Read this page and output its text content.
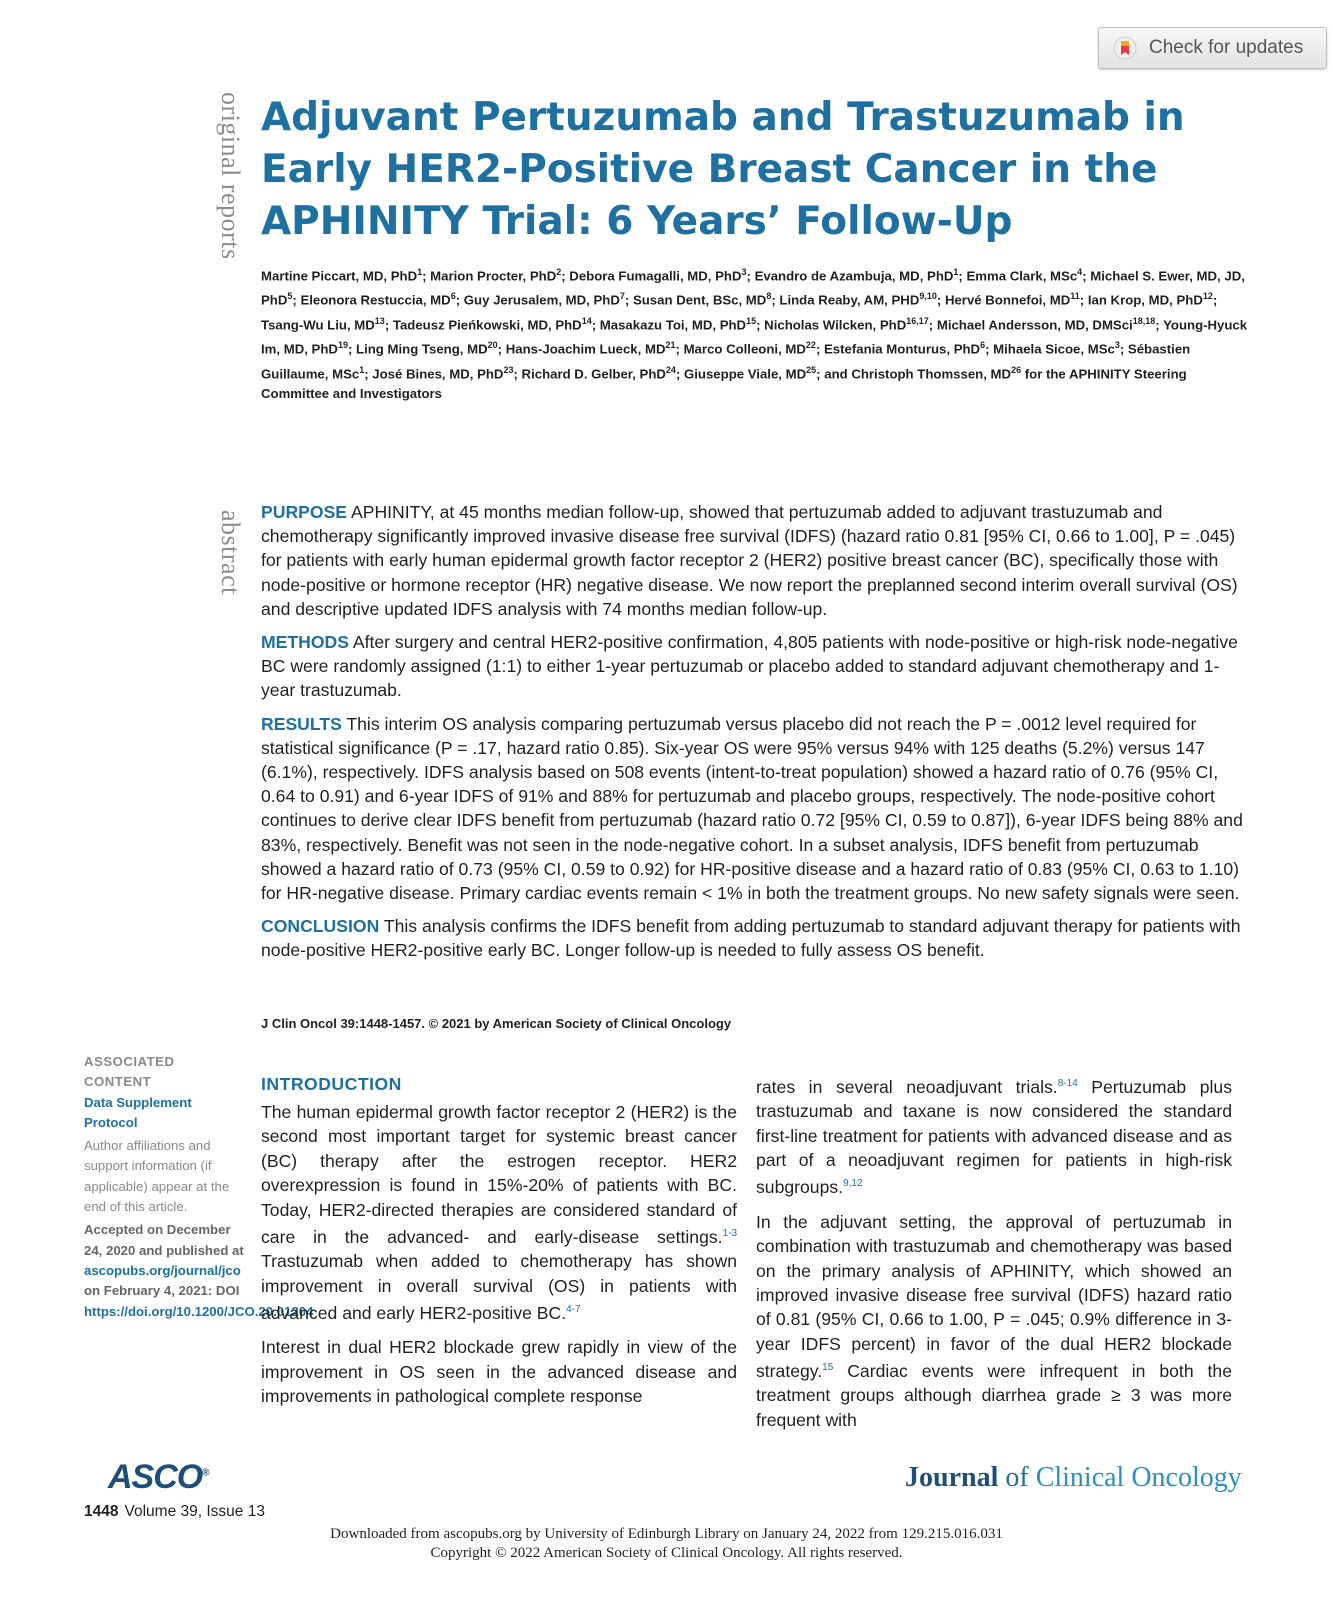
Check for updates
original reports Adjuvant Pertuzumab and Trastuzumab in Early HER2-Positive Breast Cancer in the APHINITY Trial: 6 Years’ Follow-Up
Martine Piccart, MD, PhD$^1$; Marion Procter, PhD$^2$; Debora Fumagalli, MD, PhD$^3$; Evandro de Azambuja, MD, PhD$^1$; Emma Clark, MSc$^4$; Michael S. Ewer, MD, JD, PhD$^5$; Eleonora Restuccia, $MD^6$; Guy Jerusalem, MD, PhD$^7$; Susan Dent, BSc, $MD^8$; Linda Reaby, AM, PHD$^{9,10}$; Hervé Bonnefoi, MD$^{11}$; Ian Krop, MD, PhD$^{12}$; Tsang-Wu Liu, MD$^{13}$; Tadeusz Pieńkowski, MD, PhD$^{14}$; Masakazu Toi, MD, PhD$^{15}$; Nicholas Wilcken, PhD$^{16,17}$; Michael Andersson, MD, DMSci$^{18,18}$; Young-Hyuck Im, MD, PhD$^{19}$; Ling Ming Tseng, MD$^{20}$; Hans-Joachim Lueck, MD$^{21}$; Marco Colleoni, MD$^{22}$; Estefania Monturus, PhD$^6$; Mihaela Sicoe, MSc$^3$; Sébastien Guillaume, MSc$^1$; José Bines, MD, PhD$^{23}$; Richard D. Gelber, PhD$^{24}$; Giuseppe Viale, MD$^{25}$; and Christoph Thomssen, MD$^{26}$ for the APHINITY Steering Committee and Investigators
abstract PURPOSE APHINITY, at 45 months median follow-up, showed that pertuzumab added to adjuvant trastuzumab and chemotherapy significantly improved invasive disease free survival (IDFS) (hazard ratio 0.81 [95% CI, 0.66 to 1.00], P = .045) for patients with early human epidermal growth factor receptor 2 (HER2) positive breast cancer (BC), specifically those with node-positive or hormone receptor (HR) negative disease. We now report the preplanned second interim overall survival (OS) and descriptive updated IDFS analysis with 74 months median follow-up.

METHODS After surgery and central HER2-positive confirmation, 4,805 patients with node-positive or high-risk node-negative BC were randomly assigned (1:1) to either 1-year pertuzumab or placebo added to standard adjuvant chemotherapy and 1-year trastuzumab.

RESULTS This interim OS analysis comparing pertuzumab versus placebo did not reach the P = .0012 level required for statistical significance (P = .17, hazard ratio 0.85). Six-year OS were 95% versus 94% with 125 deaths (5.2%) versus 147 (6.1%), respectively. IDFS analysis based on 508 events (intent-to-treat population) showed a hazard ratio of 0.76 (95% CI, 0.64 to 0.91) and 6-year IDFS of 91% and 88% for pertuzumab and placebo groups, respectively. The node-positive cohort continues to derive clear IDFS benefit from pertuzumab (hazard ratio 0.72 [95% CI, 0.59 to 0.87]), 6-year IDFS being 88% and 83%, respectively. Benefit was not seen in the node-negative cohort. In a subset analysis, IDFS benefit from pertuzumab showed a hazard ratio of 0.73 (95% CI, 0.59 to 0.92) for HR-positive disease and a hazard ratio of 0.83 (95% CI, 0.63 to 1.10) for HR-negative disease. Primary cardiac events remain < 1% in both the treatment groups. No new safety signals were seen.

CONCLUSION This analysis confirms the IDFS benefit from adding pertuzumab to standard adjuvant therapy for patients with node-positive HER2-positive early BC. Longer follow-up is needed to fully assess OS benefit.

J Clin Oncol 39:1448-1457. © 2021 by American Society of Clinical Oncology
ASSOCIATED CONTENT
Data Supplement
Protocol
Author affiliations and support information (if applicable) appear at the end of this article.
Accepted on December 24, 2020 and published at ascopubs.org/journal/jco on February 4, 2021: DOI https://doi.org/10.1200/JCO.20.01204
INTRODUCTION

The human epidermal growth factor receptor 2 (HER2) is the second most important target for systemic breast cancer (BC) therapy after the estrogen receptor. HER2 overexpression is found in 15%-20% of patients with BC. Today, HER2-directed therapies are considered standard of care in the advanced- and early-disease settings.$^{1-3}$ Trastuzumab when added to chemotherapy has shown improvement in overall survival (OS) in patients with advanced and early HER2-positive BC.$^{4-7}$

Interest in dual HER2 blockade grew rapidly in view of the improvement in OS seen in the advanced disease and improvements in pathological complete response

rates in several neoadjuvant trials.$^{8-14}$ Pertuzumab plus trastuzumab and taxane is now considered the standard first-line treatment for patients with advanced disease and as part of a neoadjuvant regimen for patients in high-risk subgroups.$^{9,12}$

In the adjuvant setting, the approval of pertuzumab in combination with trastuzumab and chemotherapy was based on the primary analysis of APHINITY, which showed an improved invasive disease free survival (IDFS) hazard ratio of 0.81 (95% CI, 0.66 to 1.00, P = .045; 0.9% difference in 3-year IDFS percent) in favor of the dual HER2 blockade strategy.$^{15}$ Cardiac events were infrequent in both the treatment groups although diarrhea grade ≥ 3 was more frequent with

ASCO®	Journal of Clinical Oncology
1448 Volume 39, Issue 13
Downloaded from ascopubs.org by University of Edinburgh Library on January 24, 2022 from 129.215.016.031
Copyright © 2022 American Society of Clinical Oncology. All rights reserved.
